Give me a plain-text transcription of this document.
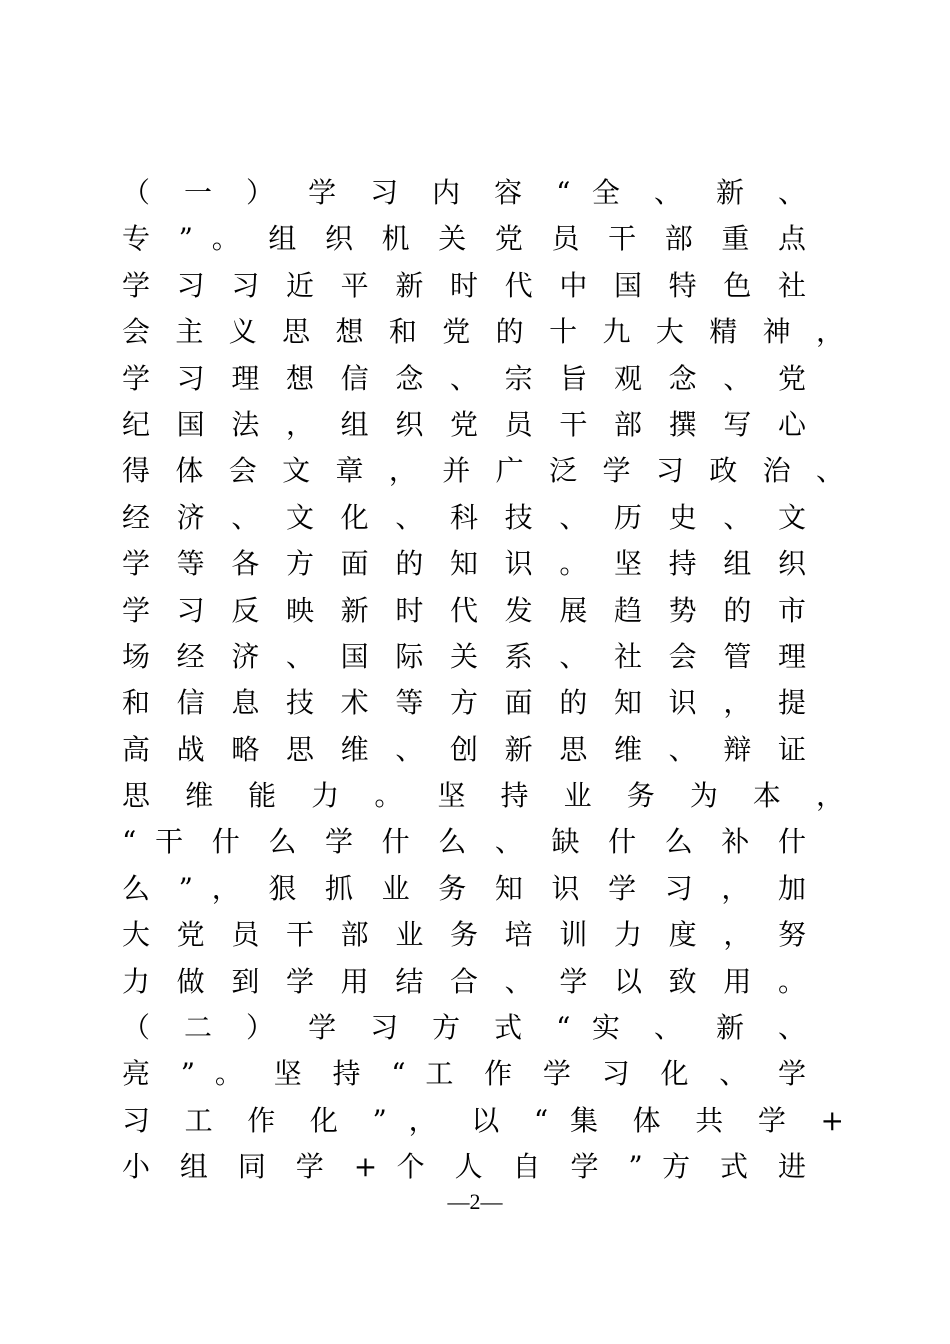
（ 一 ） 学 习 内 容 “ 全 、 新 、
专 ” 。 组 织 机 关 党 员 干 部 重 点
学 习 习 近 平 新 时 代 中 国 特 色 社
会 主 义 思 想 和 党 的 十 九 大 精 神 ，
学 习 理 想 信 念 、 宗 旨 观 念 、 党
纪 国 法 ， 组 织 党 员 干 部 撰 写 心
得 体 会 文 章 ， 并 广 泛 学 习 政 治 、
经 济 、 文 化 、 科 技 、 历 史 、 文
学 等 各 方 面 的 知 识 。 坚 持 组 织
学 习 反 映 新 时 代 发 展 趋 势 的 市
场 经 济 、 国 际 关 系 、 社 会 管 理
和 信 息 技 术 等 方 面 的 知 识 ， 提
高 战 略 思 维 、 创 新 思 维 、 辩 证
思 维 能 力 。 坚 持 业 务 为 本 ，
“ 干 什 么 学 什 么 、 缺 什 么 补 什
么 ” ， 狠 抓 业 务 知 识 学 习 ， 加
大 党 员 干 部 业 务 培 训 力 度 ， 努
力 做 到 学 用 结 合 、 学 以 致 用 。
（ 二 ） 学 习 方 式 “ 实 、 新 、
亮 ” 。 坚 持 “ 工 作 学 习 化 、 学
习 工 作 化 ” ， 以 “ 集 体 共 学 +
小 组 同 学 + 个 人 自 学 ” 方 式 进
—2—
